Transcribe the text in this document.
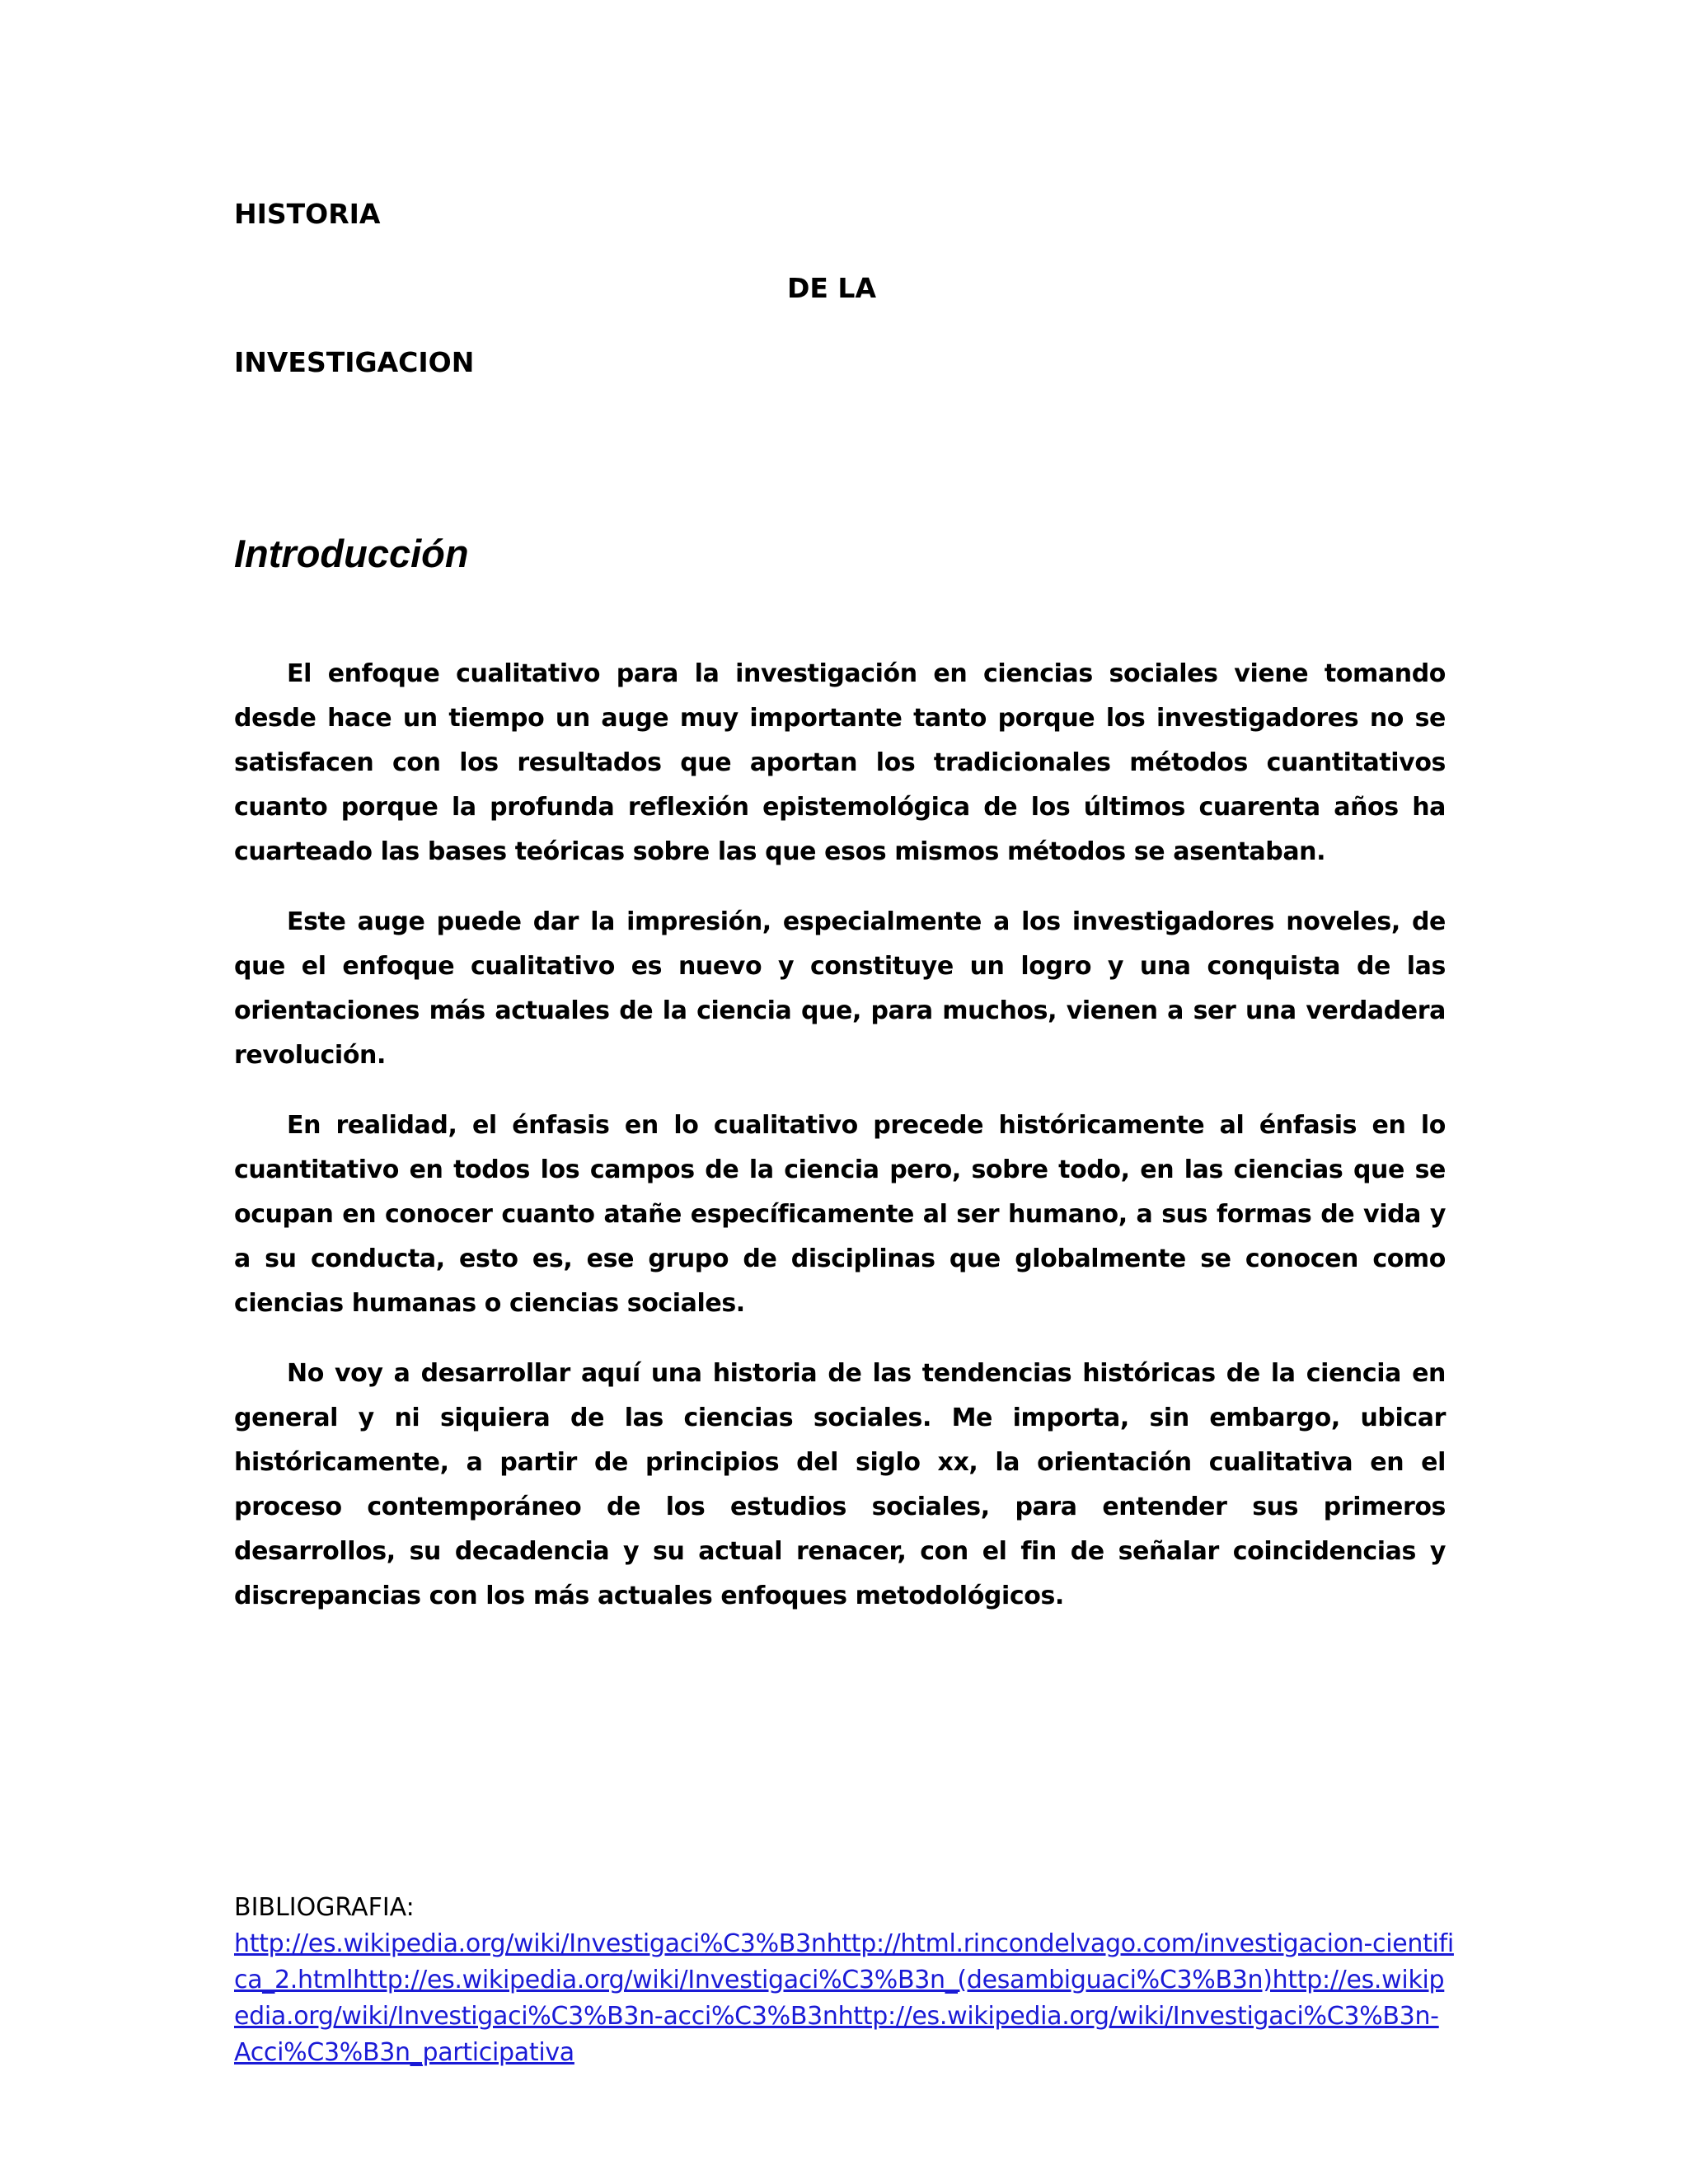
HISTORIA
DE LA
INVESTIGACION
Introducción

El enfoque cualitativo para la investigación en ciencias sociales viene tomando desde hace un tiempo un auge muy importante tanto porque los investigadores no se satisfacen con los resultados que aportan los tradicionales métodos cuantitativos cuanto porque la profunda reflexión epistemológica de los últimos cuarenta años ha cuarteado las bases teóricas sobre las que esos mismos métodos se asentaban.

Este auge puede dar la impresión, especialmente a los investigadores noveles, de que el enfoque cualitativo es nuevo y constituye un logro y una conquista de las orientaciones más actuales de la ciencia que, para muchos, vienen a ser una verdadera revolución.

En realidad, el énfasis en lo cualitativo precede históricamente al énfasis en lo cuantitativo en todos los campos de la ciencia pero, sobre todo, en las ciencias que se ocupan en conocer cuanto atañe específicamente al ser humano, a sus formas de vida y a su conducta, esto es, ese grupo de disciplinas que globalmente se conocen como ciencias humanas o ciencias sociales.

No voy a desarrollar aquí una historia de las tendencias históricas de la ciencia en general y ni siquiera de las ciencias sociales. Me importa, sin embargo, ubicar históricamente, a partir de principios del siglo xx, la orientación cualitativa en el proceso contemporáneo de los estudios sociales, para entender sus primeros desarrollos, su decadencia y su actual renacer, con el fin de señalar coincidencias y discrepancias con los más actuales enfoques metodológicos.

BIBLIOGRAFIA:
http://es.wikipedia.org/wiki/Investigaci%C3%B3nhttp://html.rincondelvago.com/investigacion-cientifica_2.htmlhttp://es.wikipedia.org/wiki/Investigaci%C3%B3n_(desambiguaci%C3%B3n)http://es.wikipedia.org/wiki/Investigaci%C3%B3n-acci%C3%B3nhttp://es.wikipedia.org/wiki/Investigaci%C3%B3n-Acci%C3%B3n_participativa
